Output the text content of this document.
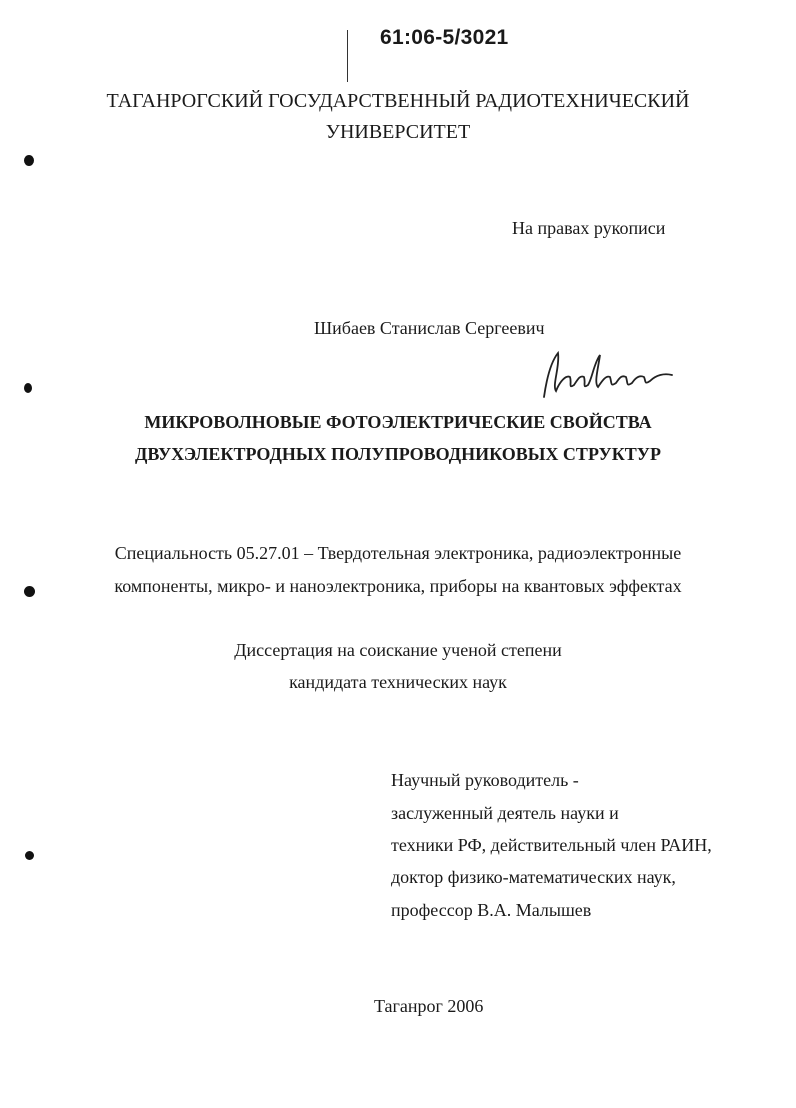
61:06-5/3021
ТАГАНРОГСКИЙ ГОСУДАРСТВЕННЫЙ РАДИОТЕХНИЧЕСКИЙ
УНИВЕРСИТЕТ
На правах рукописи
Шибаев Станислав Сергеевич
МИКРОВОЛНОВЫЕ ФОТОЭЛЕКТРИЧЕСКИЕ СВОЙСТВА
ДВУХЭЛЕКТРОДНЫХ ПОЛУПРОВОДНИКОВЫХ СТРУКТУР
Специальность 05.27.01 – Твердотельная электроника, радиоэлектронные
компоненты, микро- и наноэлектроника, приборы на квантовых эффектах
Диссертация на соискание ученой степени
кандидата технических наук
Научный руководитель -
заслуженный деятель науки и
техники РФ, действительный член РАИН,
доктор физико-математических наук,
профессор В.А. Малышев
Таганрог 2006
